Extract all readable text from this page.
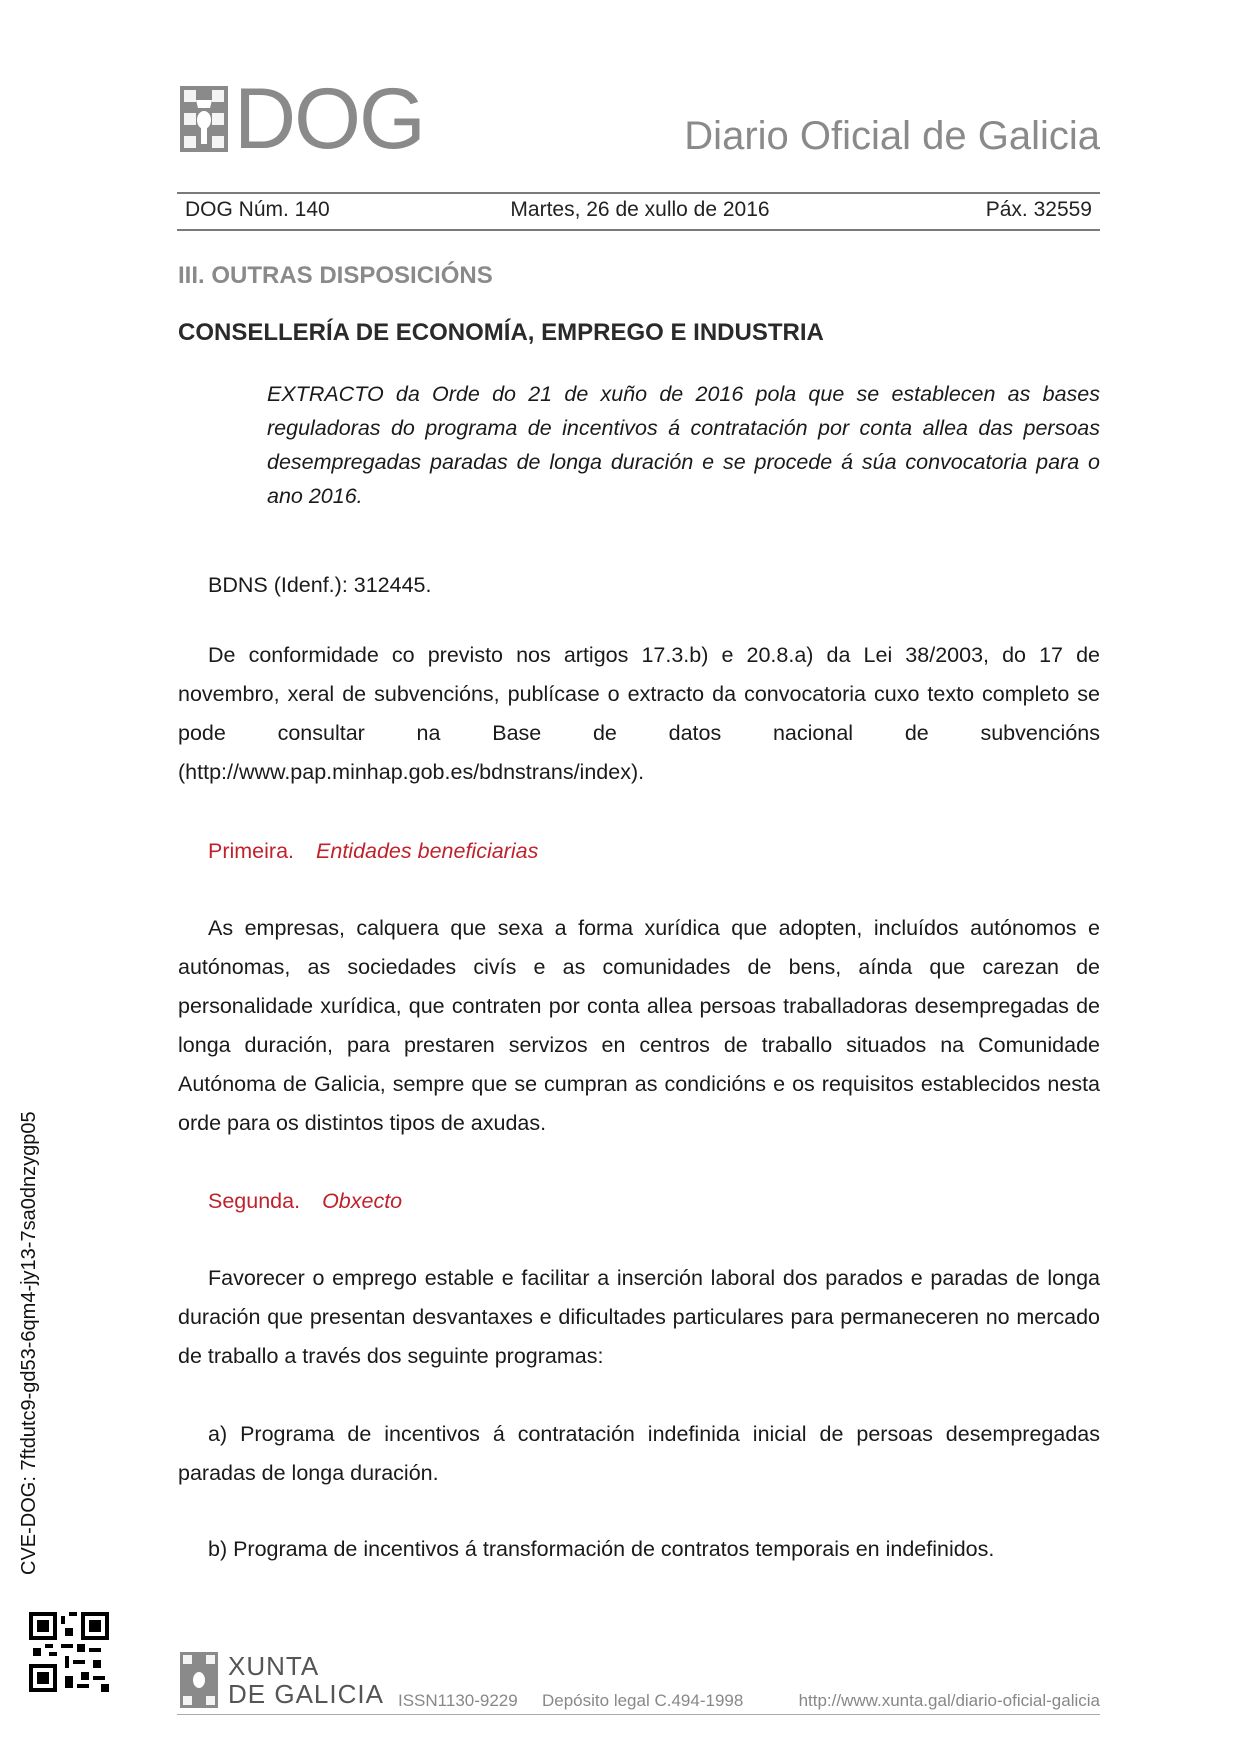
DOG	Diario Oficial de Galicia
DOG Núm. 140	Martes, 26 de xullo de 2016	Páx. 32559
III. OUTRAS DISPOSICIÓNS
CONSELLERÍA DE ECONOMÍA, EMPREGO E INDUSTRIA
EXTRACTO da Orde do 21 de xuño de 2016 pola que se establecen as bases reguladoras do programa de incentivos á contratación por conta allea das persoas desempregadas paradas de longa duración e se procede á súa convocatoria para o ano 2016.
BDNS (Idenf.): 312445.
De conformidade co previsto nos artigos 17.3.b) e 20.8.a) da Lei 38/2003, do 17 de novembro, xeral de subvencións, publícase o extracto da convocatoria cuxo texto completo se pode consultar na Base de datos nacional de subvencións (http://www.pap.minhap.gob.es/bdnstrans/index).
Primeira. Entidades beneficiarias
As empresas, calquera que sexa a forma xurídica que adopten, incluídos autónomos e autónomas, as sociedades civís e as comunidades de bens, aínda que carezan de personalidade xurídica, que contraten por conta allea persoas traballadoras desempregadas de longa duración, para prestaren servizos en centros de traballo situados na Comunidade Autónoma de Galicia, sempre que se cumpran as condicións e os requisitos establecidos nesta orde para os distintos tipos de axudas.
Segunda. Obxecto
Favorecer o emprego estable e facilitar a inserción laboral dos parados e paradas de longa duración que presentan desvantaxes e dificultades particulares para permaneceren no mercado de traballo a través dos seguinte programas:
a) Programa de incentivos á contratación indefinida inicial de persoas desempregadas paradas de longa duración.
b) Programa de incentivos á transformación de contratos temporais en indefinidos.
CVE-DOG: 7ftdutc9-gd53-6qm4-jy13-7sa0dnzygp05
XUNTA
DE GALICIA ISSN1130-9229 Depósito legal C.494-1998	http://www.xunta.gal/diario-oficial-galicia
